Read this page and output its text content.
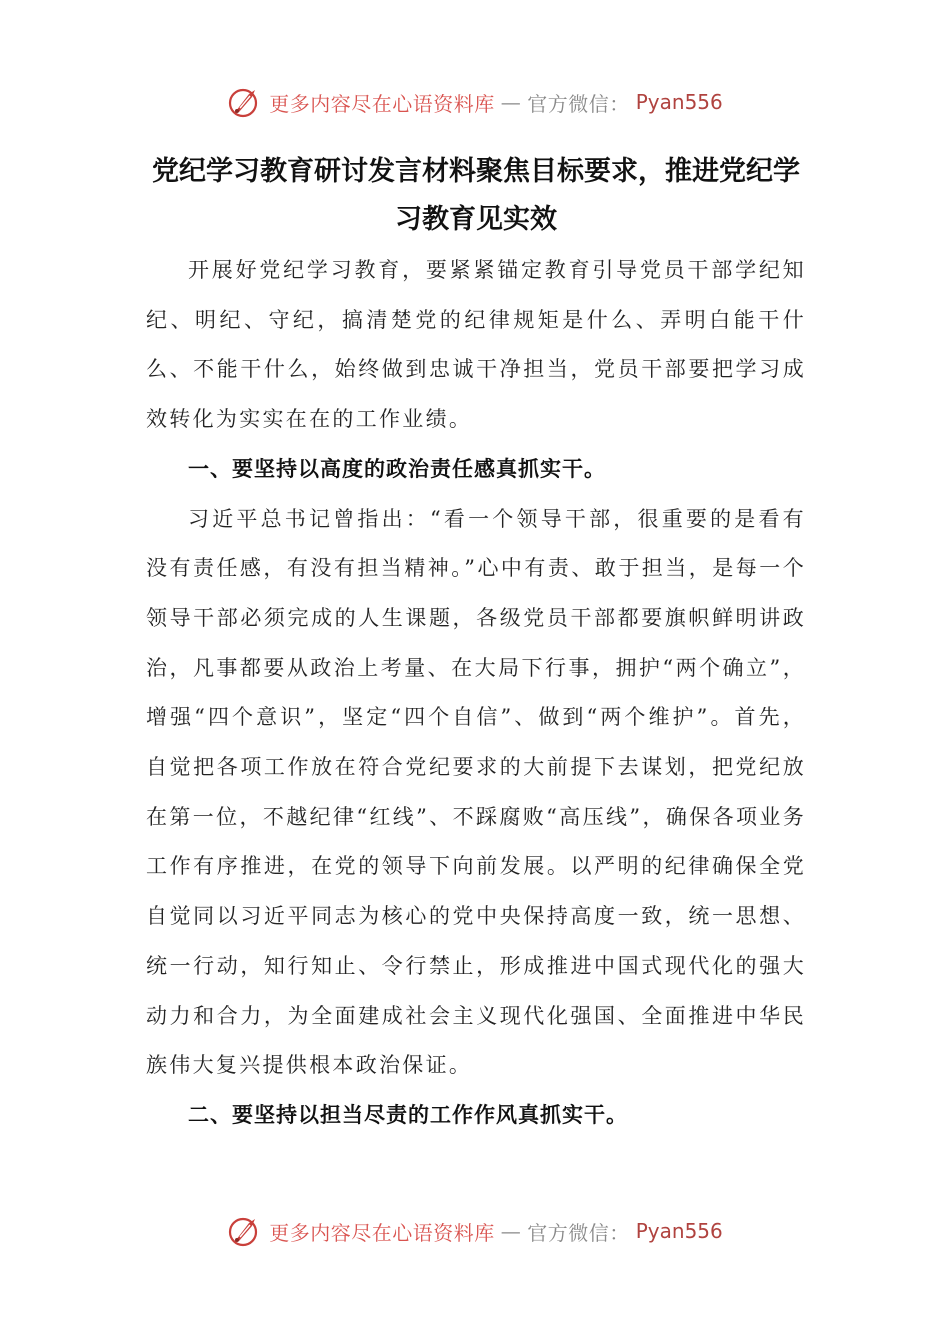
更多内容尽在心语资料库 — 官方微信： Pyan556
党纪学习教育研讨发言材料聚焦目标要求，推进党纪学习教育见实效

开展好党纪学习教育，要紧紧锚定教育引导党员干部学纪知纪、明纪、守纪，搞清楚党的纪律规矩是什么、弄明白能干什么、不能干什么，始终做到忠诚干净担当，党员干部要把学习成效转化为实实在在的工作业绩。

一、要坚持以高度的政治责任感真抓实干。

习近平总书记曾指出：“看一个领导干部，很重要的是看有没有责任感，有没有担当精神。”心中有责、敢于担当，是每一个领导干部必须完成的人生课题，各级党员干部都要旗帜鲜明讲政治，凡事都要从政治上考量、在大局下行事，拥护“两个确立”，增强“四个意识”，坚定“四个自信”、做到“两个维护”。首先，自觉把各项工作放在符合党纪要求的大前提下去谋划，把党纪放在第一位，不越纪律“红线”、不踩腐败“高压线”，确保各项业务工作有序推进，在党的领导下向前发展。以严明的纪律确保全党自觉同以习近平同志为核心的党中央保持高度一致，统一思想、统一行动，知行知止、令行禁止，形成推进中国式现代化的强大动力和合力，为全面建成社会主义现代化强国、全面推进中华民族伟大复兴提供根本政治保证。

二、要坚持以担当尽责的工作作风真抓实干。

更多内容尽在心语资料库 — 官方微信： Pyan556
